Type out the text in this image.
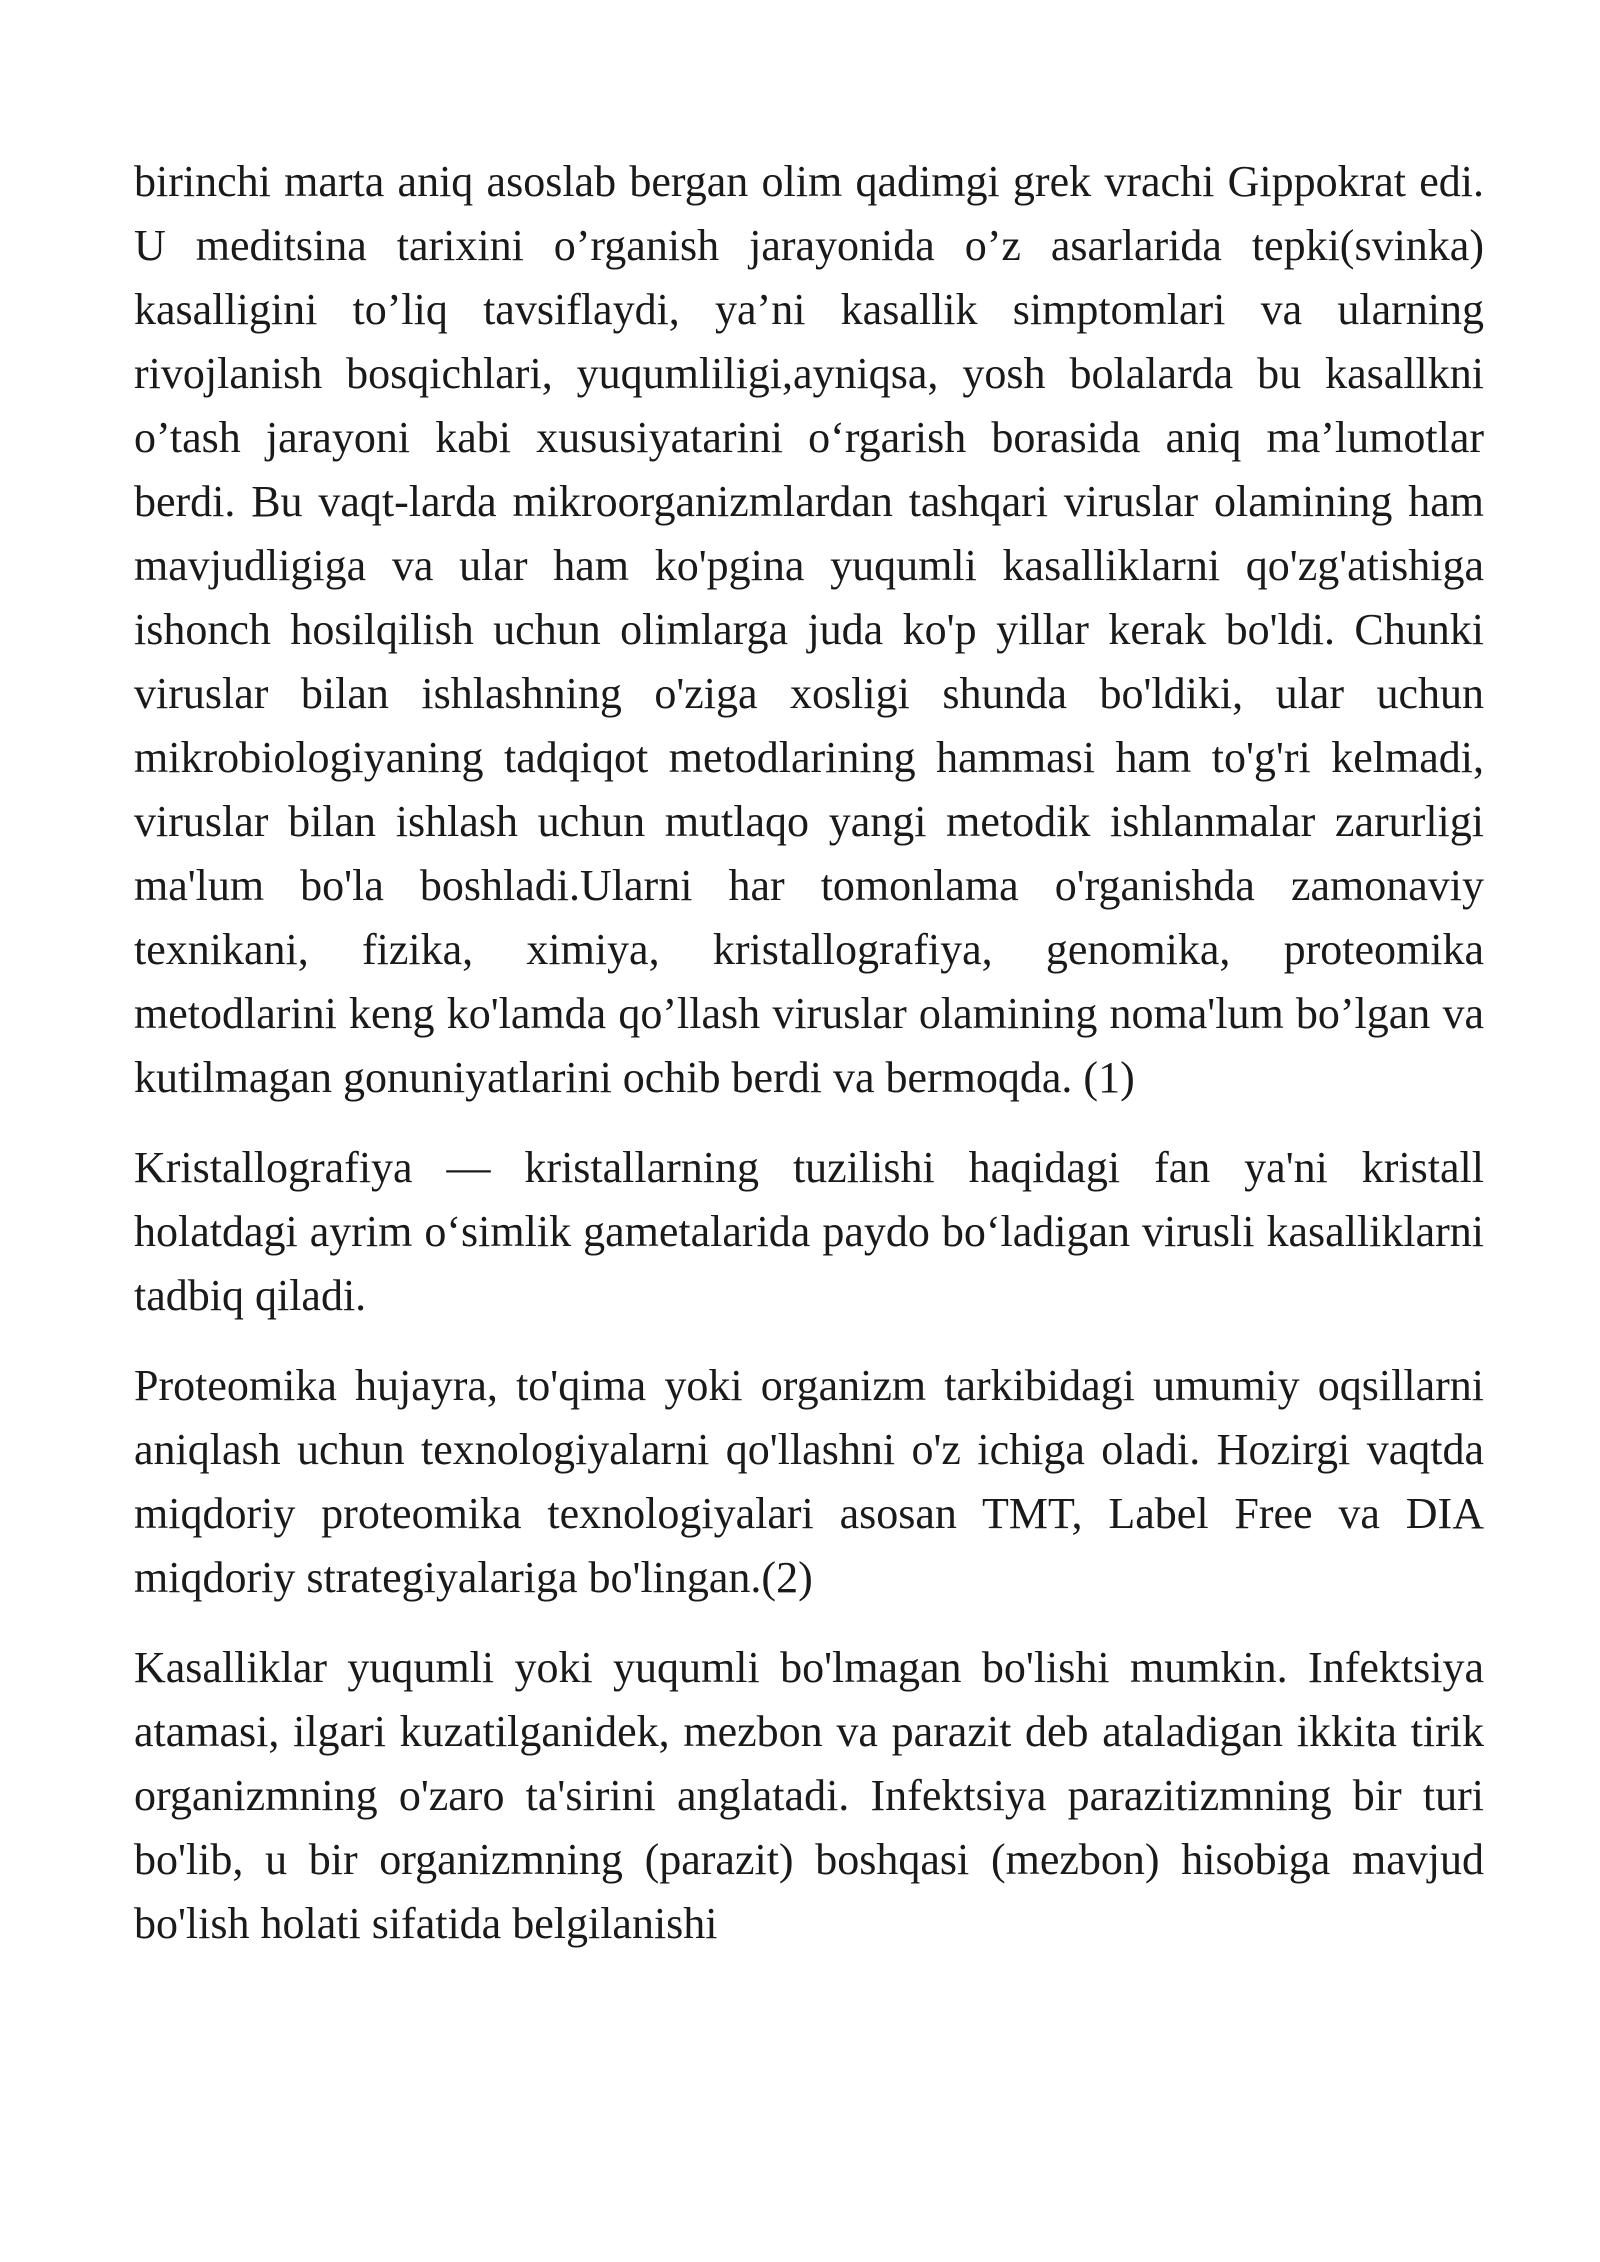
birinchi marta aniq asoslab bergan olim qadimgi grek vrachi Gippokrat edi. U meditsina tarixini o’rganish jarayonida o’z asarlarida tepki(svinka) kasalligini to’liq tavsiflaydi, ya’ni kasallik simptomlari va ularning rivojlanish bosqichlari, yuqumliligi,ayniqsa, yosh bolalarda bu kasallkni o’tash jarayoni kabi xususiyatarini o‘rgarish borasida aniq ma’lumotlar berdi. Bu vaqt-larda mikroorganizmlardan tashqari viruslar olamining ham mavjudligiga va ular ham ko'pgina yuqumli kasalliklarni qo'zg'atishiga ishonch hosilqilish uchun olimlarga juda ko'p yillar kerak bo'ldi. Chunki viruslar bilan ishlashning o'ziga xosligi shunda bo'ldiki, ular uchun mikrobiologiyaning tadqiqot metodlarining hammasi ham to'g'ri kelmadi, viruslar bilan ishlash uchun mutlaqo yangi metodik ishlanmalar zarurligi ma'lum bo'la boshladi.Ularni har tomonlama o'rganishda zamonaviy texnikani, fizika, ximiya, kristallografiya, genomika, proteomika metodlarini keng ko'lamda qo’llash viruslar olamining noma'lum bo’lgan va kutilmagan gonuniyatlarini ochib berdi va bermoqda. (1)

Kristallografiya — kristallarning tuzilishi haqidagi fan ya'ni kristall holatdagi ayrim o‘simlik gametalarida paydo bo‘ladigan virusli kasalliklarni tadbiq qiladi.

Proteomika hujayra, to'qima yoki organizm tarkibidagi umumiy oqsillarni aniqlash uchun texnologiyalarni qo'llashni o'z ichiga oladi. Hozirgi vaqtda miqdoriy proteomika texnologiyalari asosan TMT, Label Free va DIA miqdoriy strategiyalariga bo'lingan.(2)

Kasalliklar yuqumli yoki yuqumli bo'lmagan bo'lishi mumkin. Infektsiya atamasi, ilgari kuzatilganidek, mezbon va parazit deb ataladigan ikkita tirik organizmning o'zaro ta'sirini anglatadi. Infektsiya parazitizmning bir turi bo'lib, u bir organizmning (parazit) boshqasi (mezbon) hisobiga mavjud bo'lish holati sifatida belgilanishi
